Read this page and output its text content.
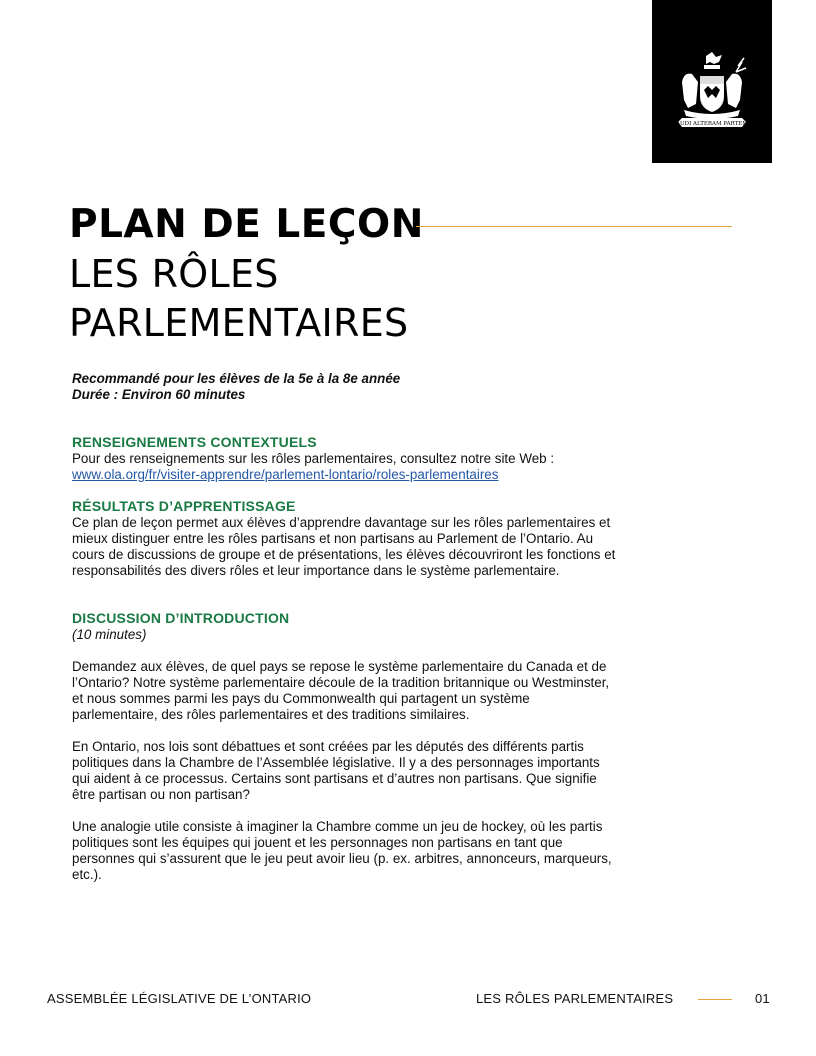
AUDI ALTERAM PARTEM
PLAN DE LEÇON
LES RÔLES
PARLEMENTAIRES
Recommandé pour les élèves de la 5e à la 8e année
Durée : Environ 60 minutes
RENSEIGNEMENTS CONTEXTUELS

Pour des renseignements sur les rôles parlementaires, consultez notre site Web :

www.ola.org/fr/visiter-apprendre/parlement-lontario/roles-parlementaires

RÉSULTATS D’APPRENTISSAGE

Ce plan de leçon permet aux élèves d’apprendre davantage sur les rôles parlementaires et mieux distinguer entre les rôles partisans et non partisans au Parlement de l’Ontario. Au cours de discussions de groupe et de présentations, les élèves découvriront les fonctions et responsabilités des divers rôles et leur importance dans le système parlementaire.

DISCUSSION D’INTRODUCTION

(10 minutes)

Demandez aux élèves, de quel pays se repose le système parlementaire du Canada et de l’Ontario? Notre système parlementaire découle de la tradition britannique ou Westminster, et nous sommes parmi les pays du Commonwealth qui partagent un système parlementaire, des rôles parlementaires et des traditions similaires.

En Ontario, nos lois sont débattues et sont créées par les députés des différents partis politiques dans la Chambre de l’Assemblée législative. Il y a des personnages importants qui aident à ce processus. Certains sont partisans et d’autres non partisans. Que signifie être partisan ou non partisan?

Une analogie utile consiste à imaginer la Chambre comme un jeu de hockey, où les partis politiques sont les équipes qui jouent et les personnages non partisans en tant que personnes qui s’assurent que le jeu peut avoir lieu (p. ex. arbitres, annonceurs, marqueurs, etc.).

ASSEMBLÉE LÉGISLATIVE DE L’ONTARIO	LES RÔLES PARLEMENTAIRES	01
